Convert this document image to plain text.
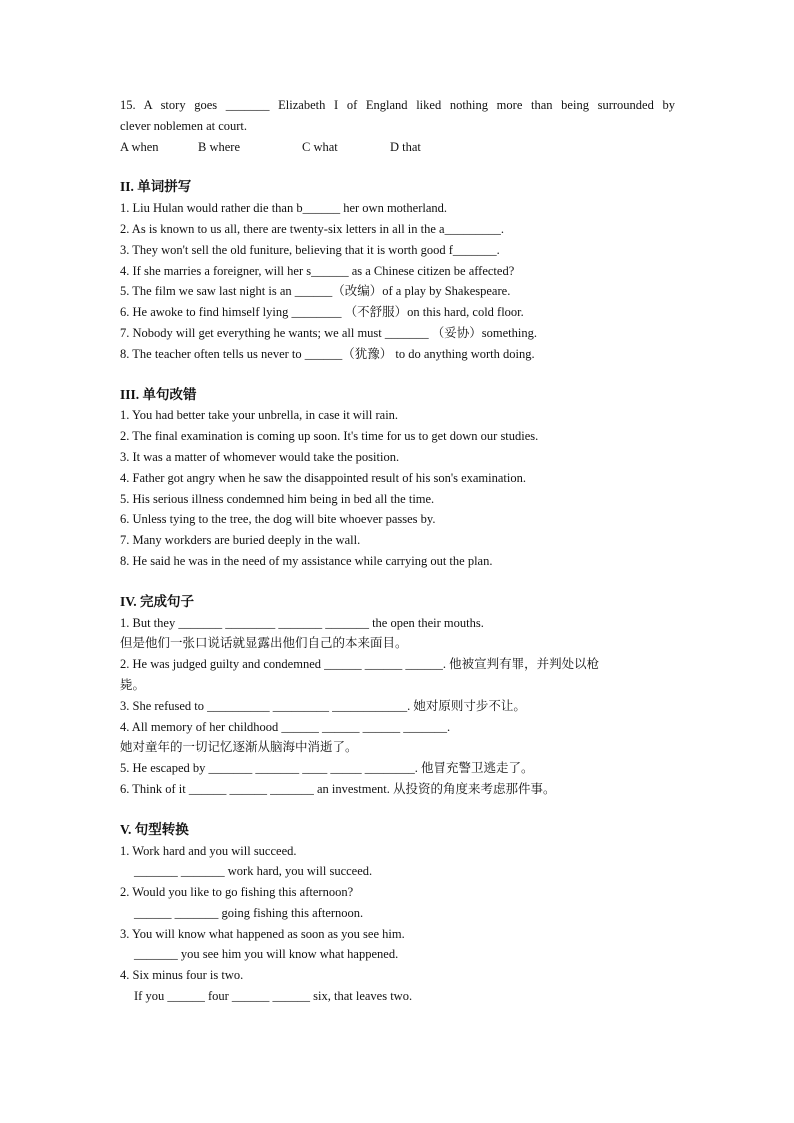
15. A story goes _______ Elizabeth I of England liked nothing more than being surrounded by
clever noblemen at court.
A when	B where	C what	D that
II. 单词拼写
1. Liu Hulan would rather die than b______ her own motherland.
2. As is known to us all, there are twenty-six letters in all in the a_________.
3. They won't sell the old funiture, believing that it is worth good f_______.
4. If she marries a foreigner, will her s______ as a Chinese citizen be affected?
5. The film we saw last night is an ______（改编）of a play by Shakespeare.
6. He awoke to find himself lying ________ （不舒服）on this hard, cold floor.
7. Nobody will get everything he wants; we all must _______ （妥协）something.
8. The teacher often tells us never to ______（犹豫） to do anything worth doing.
III. 单句改错
1. You had better take your unbrella, in case it will rain.
2. The final examination is coming up soon. It's time for us to get down our studies.
3. It was a matter of whomever would take the position.
4. Father got angry when he saw the disappointed result of his son's examination.
5. His serious illness condemned him being in bed all the time.
6. Unless tying to the tree, the dog will bite whoever passes by.
7. Many workders are buried deeply in the wall.
8. He said he was in the need of my assistance while carrying out the plan.
IV. 完成句子
1. But they _______ ________ _______ _______ the open their mouths.
但是他们一张口说话就显露出他们自己的本来面目。
2. He was judged guilty and condemned ______ ______ ______. 他被宣判有罪，并判处以枪
毙。
3. She refused to __________ _________ ____________. 她对原则寸步不让。
4. All memory of her childhood ______ ______ ______ _______.
她对童年的一切记忆逐渐从脑海中消逝了。
5. He escaped by _______ _______ ____ _____ ________. 他冒充警卫逃走了。
6. Think of it ______ ______ _______ an investment. 从投资的角度来考虑那件事。
V. 句型转换
1. Work hard and you will succeed.
_______ _______ work hard, you will succeed.
2. Would you like to go fishing this afternoon?
______ _______ going fishing this afternoon.
3. You will know what happened as soon as you see him.
_______ you see him you will know what happened.
4. Six minus four is two.
If you ______ four ______ ______ six, that leaves two.
